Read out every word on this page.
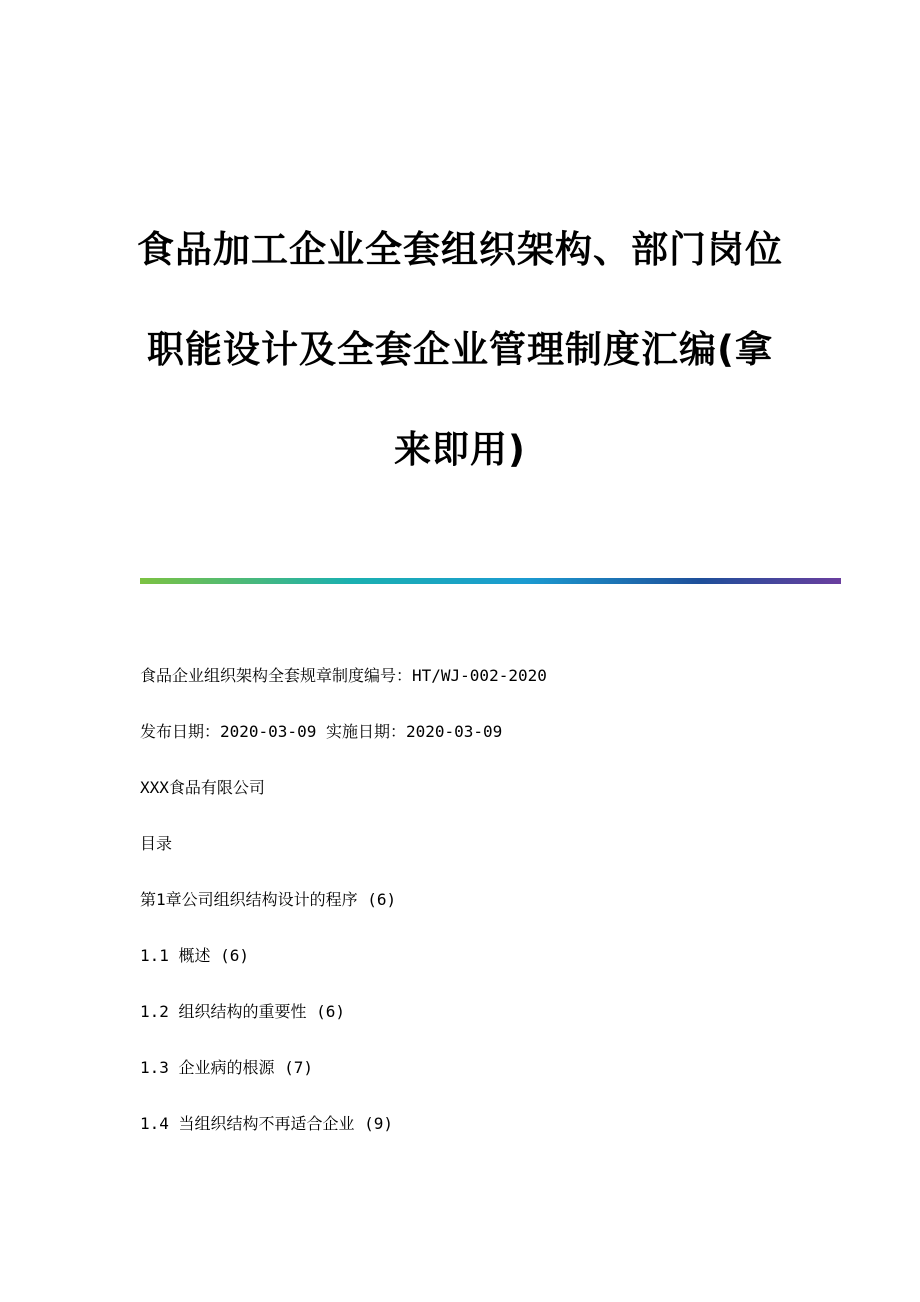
食品加工企业全套组织架构、部门岗位
职能设计及全套企业管理制度汇编(拿
来即用)
食品企业组织架构全套规章制度编号：HT/WJ-002-2020
发布日期：2020-03-09 实施日期：2020-03-09
XXX食品有限公司
目录
第1章公司组织结构设计的程序 (6)
1.1 概述 (6)
1.2 组织结构的重要性 (6)
1.3 企业病的根源 (7)
1.4 当组织结构不再适合企业 (9)
